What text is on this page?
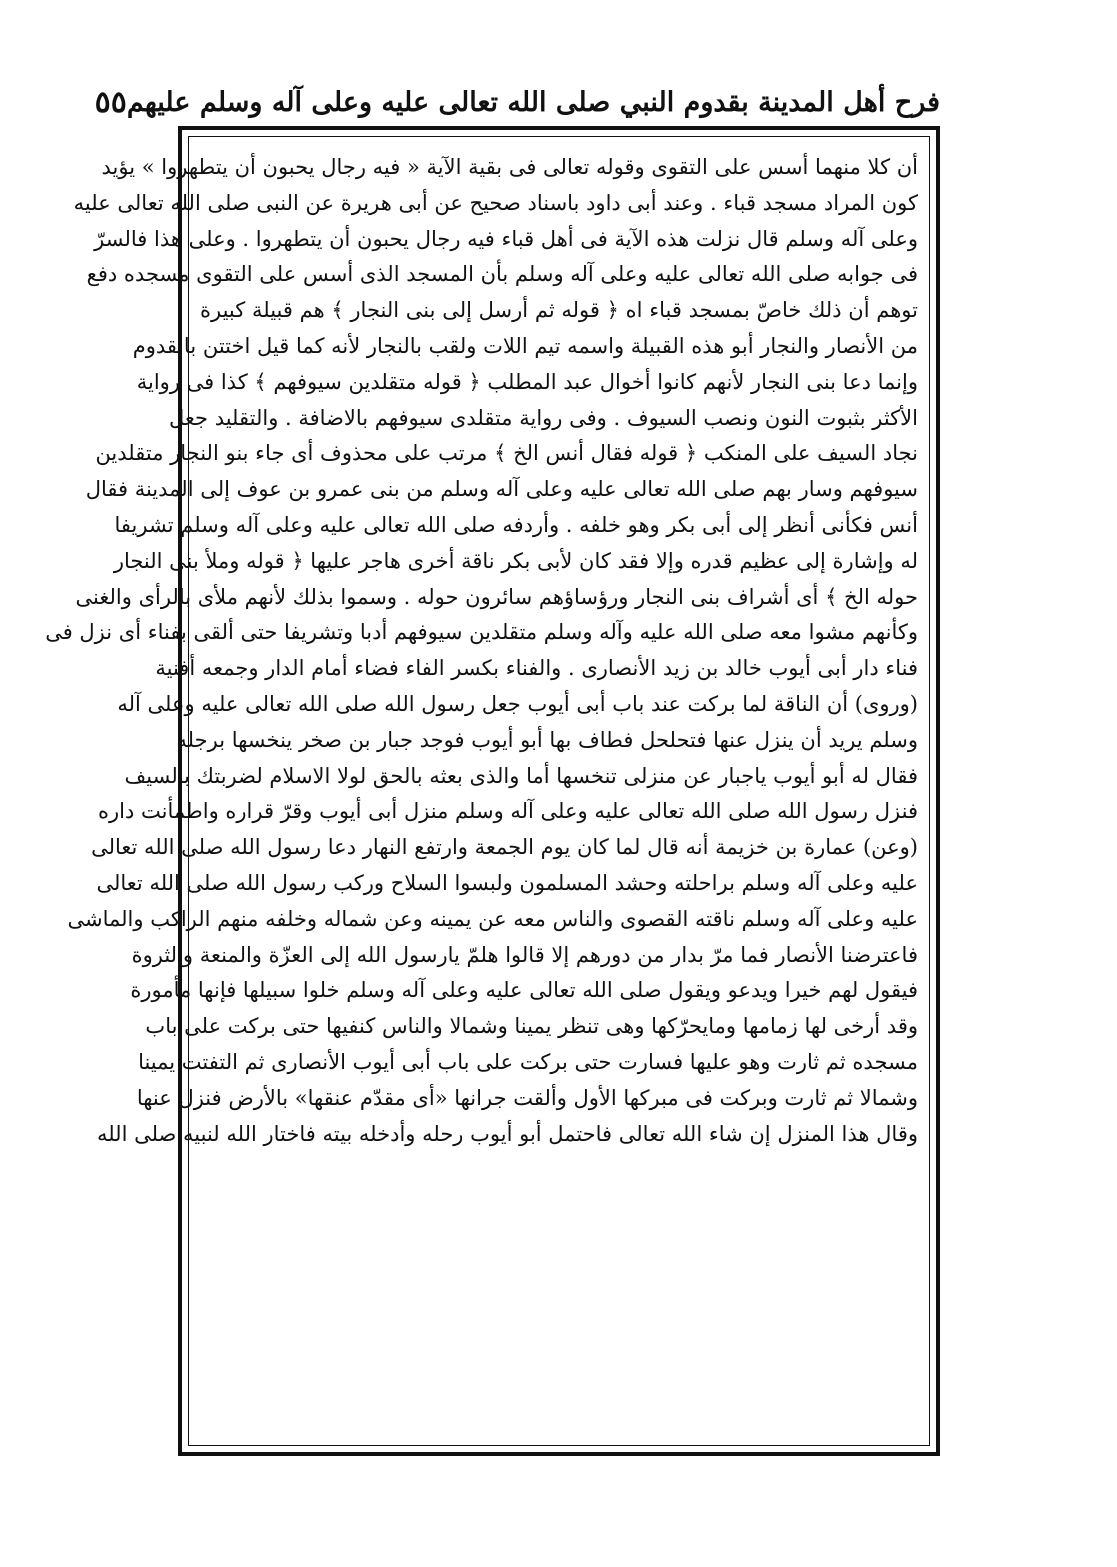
فرح أهل المدينة بقدوم النبي صلى الله تعالى عليه وعلى آله وسلم عليهم
٥٥
أن كلا منهما أسس على التقوى وقوله تعالى فى بقية الآية « فيه رجال يحبون أن يتطهروا » يؤيد
كون المراد مسجد قباء . وعند أبى داود باسناد صحيح عن أبى هريرة عن النبى صلى الله تعالى عليه
وعلى آله وسلم قال نزلت هذه الآية فى أهل قباء فيه رجال يحبون أن يتطهروا . وعلى هذا فالسرّ
فى جوابه صلى الله تعالى عليه وعلى آله وسلم بأن المسجد الذى أسس على التقوى مسجده دفع
توهم أن ذلك خاصّ بمسجد قباء اه ﴿ قوله ثم أرسل إلى بنى النجار ﴾ هم قبيلة كبيرة
من الأنصار والنجار أبو هذه القبيلة واسمه تيم اللات ولقب بالنجار لأنه كما قيل اختتن بالقدوم
وإنما دعا بنى النجار لأنهم كانوا أخوال عبد المطلب ﴿ قوله متقلدين سيوفهم ﴾ كذا فى رواية
الأكثر بثبوت النون ونصب السيوف . وفى رواية متقلدى سيوفهم بالاضافة . والتقليد جعل
نجاد السيف على المنكب ﴿ قوله فقال أنس الخ ﴾ مرتب على محذوف أى جاء بنو النجار متقلدين
سيوفهم وسار بهم صلى الله تعالى عليه وعلى آله وسلم من بنى عمرو بن عوف إلى المدينة فقال
أنس فكأنى أنظر إلى أبى بكر وهو خلفه . وأردفه صلى الله تعالى عليه وعلى آله وسلم تشريفا
له وإشارة إلى عظيم قدره وإلا فقد كان لأبى بكر ناقة أخرى هاجر عليها ﴿ قوله وملأ بنى النجار
حوله الخ ﴾ أى أشراف بنى النجار ورؤساؤهم سائرون حوله . وسموا بذلك لأنهم ملأى بالرأى والغنى
وكأنهم مشوا معه صلى الله عليه وآله وسلم متقلدين سيوفهم أدبا وتشريفا حتى ألقى بفناء أى نزل فى
فناء دار أبى أيوب خالد بن زيد الأنصارى . والفناء بكسر الفاء فضاء أمام الدار وجمعه أفنية
(وروى) أن الناقة لما بركت عند باب أبى أيوب جعل رسول الله صلى الله تعالى عليه وعلى آله
وسلم يريد أن ينزل عنها فتحلحل فطاف بها أبو أيوب فوجد جبار بن صخر ينخسها برجله
فقال له أبو أيوب ياجبار عن منزلى تنخسها أما والذى بعثه بالحق لولا الاسلام لضربتك بالسيف
فنزل رسول الله صلى الله تعالى عليه وعلى آله وسلم منزل أبى أيوب وقرّ قراره واطمأنت داره
(وعن) عمارة بن خزيمة أنه قال لما كان يوم الجمعة وارتفع النهار دعا رسول الله صلى الله تعالى
عليه وعلى آله وسلم براحلته وحشد المسلمون ولبسوا السلاح وركب رسول الله صلى الله تعالى
عليه وعلى آله وسلم ناقته القصوى والناس معه عن يمينه وعن شماله وخلفه منهم الراكب والماشى
فاعترضنا الأنصار فما مرّ بدار من دورهم إلا قالوا هلمّ يارسول الله إلى العزّة والمنعة والثروة
فيقول لهم خيرا ويدعو ويقول صلى الله تعالى عليه وعلى آله وسلم خلوا سبيلها فإنها مأمورة
وقد أرخى لها زمامها ومايحرّكها وهى تنظر يمينا وشمالا والناس كنفيها حتى بركت على باب
مسجده ثم ثارت وهو عليها فسارت حتى بركت على باب أبى أيوب الأنصارى ثم التفتت يمينا
وشمالا ثم ثارت وبركت فى مبركها الأول وألقت جرانها «أى مقدّم عنقها» بالأرض فنزل عنها
وقال هذا المنزل إن شاء الله تعالى فاحتمل أبو أيوب رحله وأدخله بيته فاختار الله لنبيه صلى الله
